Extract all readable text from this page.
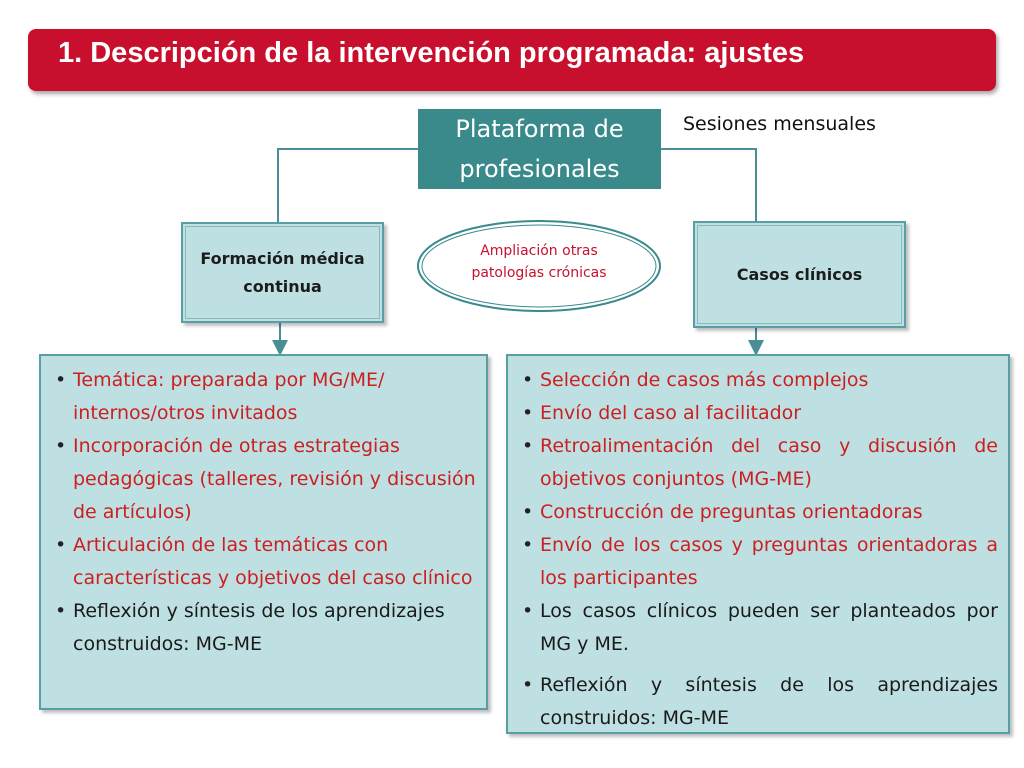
1. Descripción de la intervención programada: ajustes
Plataforma de
profesionales
Sesiones mensuales
Formación médica continua
Casos clínicos
Ampliación otras
patologías crónicas
• Temática: preparada por MG/ME/ internos/otros invitados
• Incorporación de otras estrategias pedagógicas (talleres, revisión y discusión de artículos)
• Articulación de las temáticas con características y objetivos del caso clínico
• Reflexión y síntesis de los aprendizajes construidos: MG-ME
• Selección de casos más complejos
• Envío del caso al facilitador
• Retroalimentación del caso y discusión de objetivos conjuntos (MG-ME)
• Construcción de preguntas orientadoras
• Envío de los casos y preguntas orientadoras a los participantes
• Los casos clínicos pueden ser planteados por MG y ME.
• Reflexión y síntesis de los aprendizajes construidos: MG-ME
